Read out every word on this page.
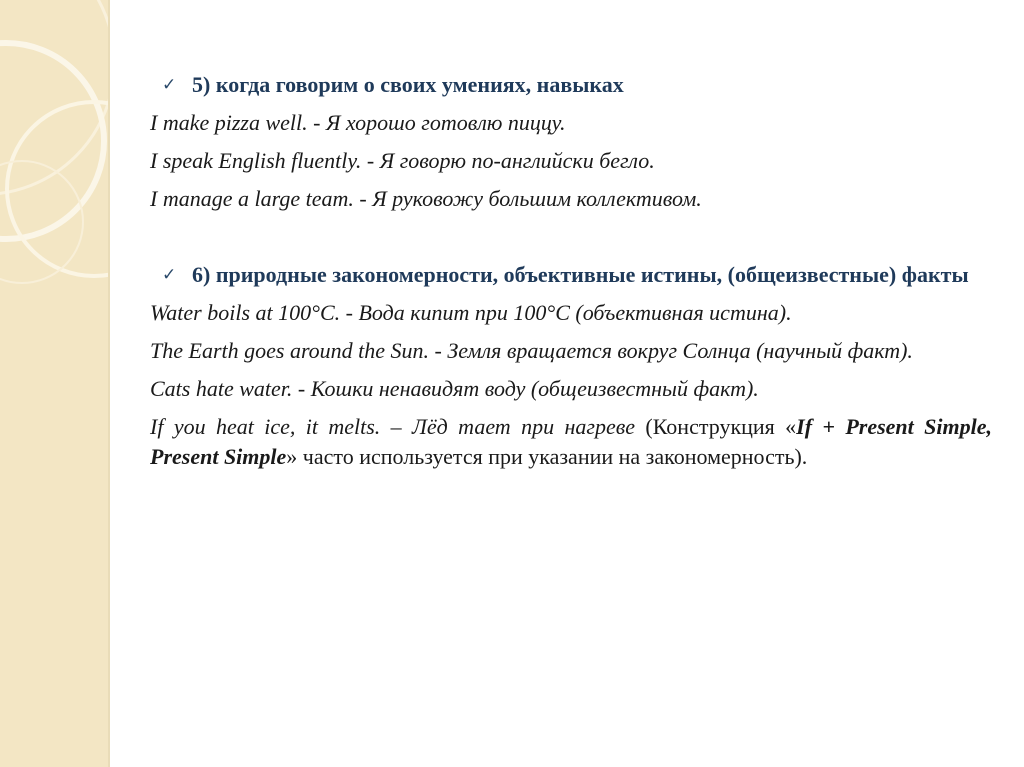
✓ 5) когда говорим о своих умениях, навыках
I make pizza well. - Я хорошо готовлю пиццу.
I speak English fluently. - Я говорю по-английски бегло.
I manage a large team. - Я руковожу большим коллективом.
✓ 6) природные закономерности, объективные истины, (общеизвестные) факты
Water boils at 100°C. - Вода кипит при 100°C (объективная истина).
The Earth goes around the Sun. - Земля вращается вокруг Солнца (научный факт).
Cats hate water. - Кошки ненавидят воду (общеизвестный факт).
If you heat ice, it melts. – Лёд тает при нагреве (Конструкция «If + Present Simple, Present Simple» часто используется при указании на закономерность).
